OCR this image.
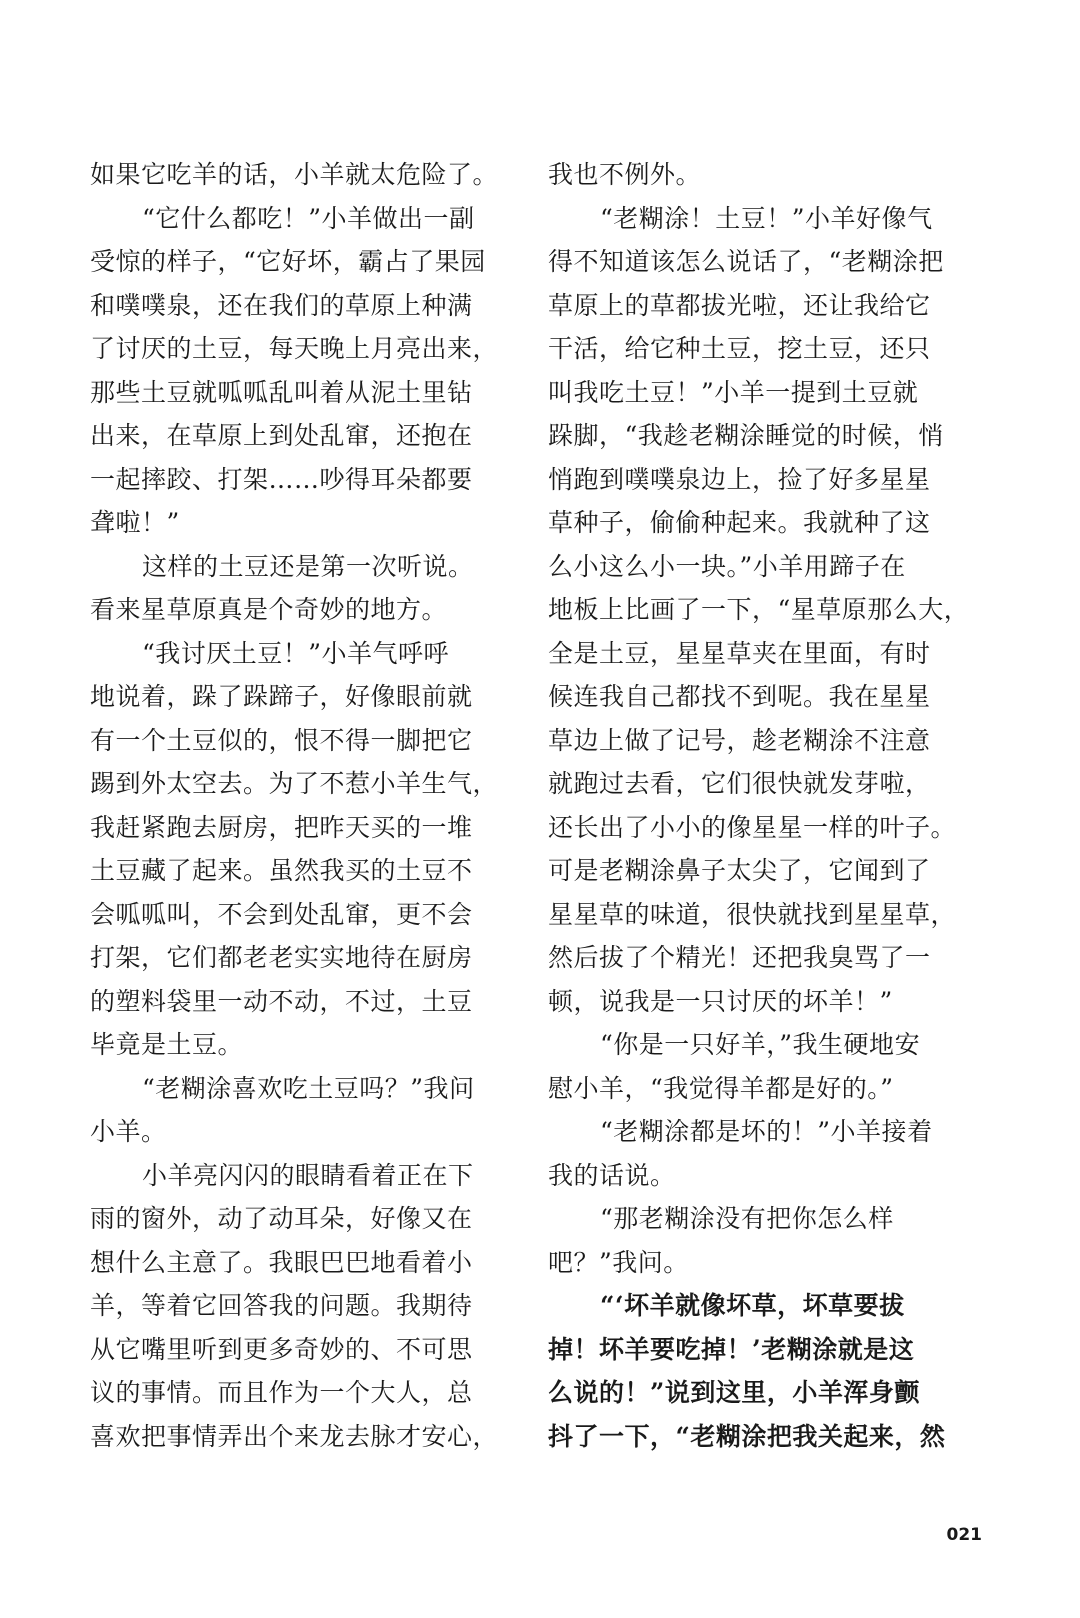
如果它吃羊的话，小羊就太危险了。
“它什么都吃！”小羊做出一副
受惊的样子，“它好坏，霸占了果园
和噗噗泉，还在我们的草原上种满
了讨厌的土豆，每天晚上月亮出来，
那些土豆就呱呱乱叫着从泥土里钻
出来，在草原上到处乱窜，还抱在
一起摔跤、打架……吵得耳朵都要
聋啦！”
这样的土豆还是第一次听说。
看来星草原真是个奇妙的地方。
“我讨厌土豆！”小羊气呼呼
地说着，跺了跺蹄子，好像眼前就
有一个土豆似的，恨不得一脚把它
踢到外太空去。为了不惹小羊生气，
我赶紧跑去厨房，把昨天买的一堆
土豆藏了起来。虽然我买的土豆不
会呱呱叫，不会到处乱窜，更不会
打架，它们都老老实实地待在厨房
的塑料袋里一动不动，不过，土豆
毕竟是土豆。
“老糊涂喜欢吃土豆吗？”我问
小羊。
小羊亮闪闪的眼睛看着正在下
雨的窗外，动了动耳朵，好像又在
想什么主意了。我眼巴巴地看着小
羊，等着它回答我的问题。我期待
从它嘴里听到更多奇妙的、不可思
议的事情。而且作为一个大人，总
喜欢把事情弄出个来龙去脉才安心，
我也不例外。
“老糊涂！土豆！”小羊好像气
得不知道该怎么说话了，“老糊涂把
草原上的草都拔光啦，还让我给它
干活，给它种土豆，挖土豆，还只
叫我吃土豆！”小羊一提到土豆就
跺脚，“我趁老糊涂睡觉的时候，悄
悄跑到噗噗泉边上，捡了好多星星
草种子，偷偷种起来。我就种了这
么小这么小一块。”小羊用蹄子在
地板上比画了一下，“星草原那么大，
全是土豆，星星草夹在里面，有时
候连我自己都找不到呢。我在星星
草边上做了记号，趁老糊涂不注意
就跑过去看，它们很快就发芽啦，
还长出了小小的像星星一样的叶子。
可是老糊涂鼻子太尖了，它闻到了
星星草的味道，很快就找到星星草，
然后拔了个精光！还把我臭骂了一
顿，说我是一只讨厌的坏羊！”
“你是一只好羊，”我生硬地安
慰小羊，“我觉得羊都是好的。”
“老糊涂都是坏的！”小羊接着
我的话说。
“那老糊涂没有把你怎么样
吧？”我问。
“‘坏羊就像坏草，坏草要拔
掉！坏羊要吃掉！’老糊涂就是这
么说的！”说到这里，小羊浑身颤
抖了一下，“老糊涂把我关起来，然
021
